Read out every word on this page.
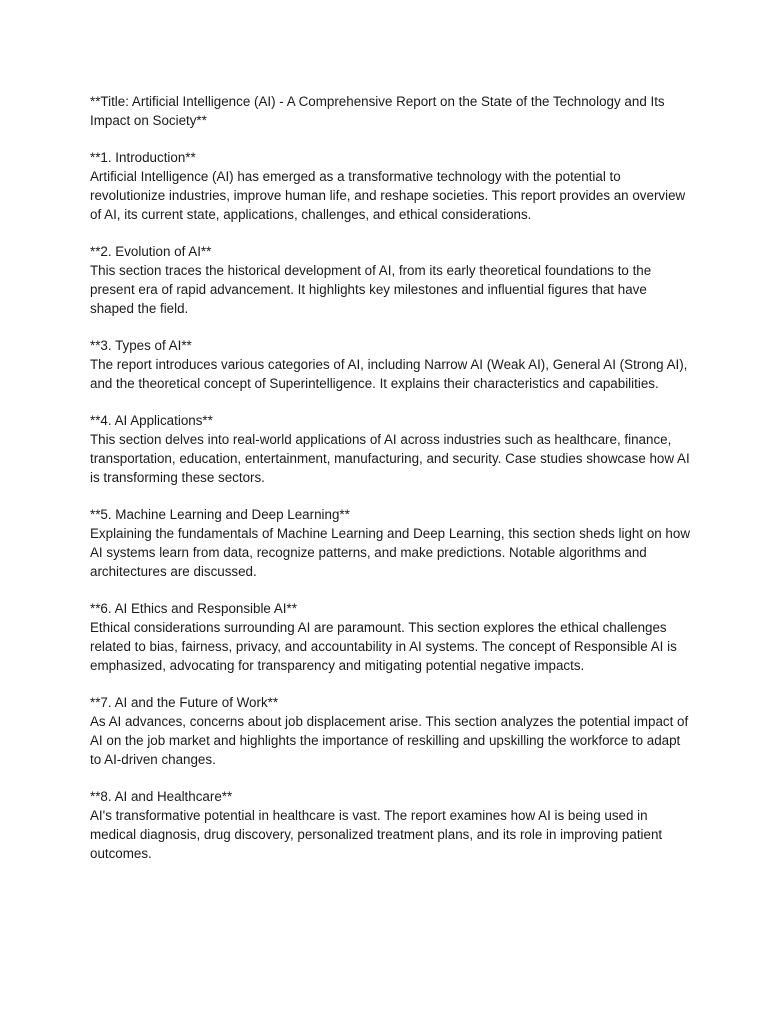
**Title: Artificial Intelligence (AI) - A Comprehensive Report on the State of the Technology and Its Impact on Society**

**1. Introduction**

Artificial Intelligence (AI) has emerged as a transformative technology with the potential to revolutionize industries, improve human life, and reshape societies. This report provides an overview of AI, its current state, applications, challenges, and ethical considerations.

**2. Evolution of AI**

This section traces the historical development of AI, from its early theoretical foundations to the present era of rapid advancement. It highlights key milestones and influential figures that have shaped the field.

**3. Types of AI**

The report introduces various categories of AI, including Narrow AI (Weak AI), General AI (Strong AI), and the theoretical concept of Superintelligence. It explains their characteristics and capabilities.

**4. AI Applications**

This section delves into real-world applications of AI across industries such as healthcare, finance, transportation, education, entertainment, manufacturing, and security. Case studies showcase how AI is transforming these sectors.

**5. Machine Learning and Deep Learning**

Explaining the fundamentals of Machine Learning and Deep Learning, this section sheds light on how AI systems learn from data, recognize patterns, and make predictions. Notable algorithms and architectures are discussed.

**6. AI Ethics and Responsible AI**

Ethical considerations surrounding AI are paramount. This section explores the ethical challenges related to bias, fairness, privacy, and accountability in AI systems. The concept of Responsible AI is emphasized, advocating for transparency and mitigating potential negative impacts.

**7. AI and the Future of Work**

As AI advances, concerns about job displacement arise. This section analyzes the potential impact of AI on the job market and highlights the importance of reskilling and upskilling the workforce to adapt to AI-driven changes.

**8. AI and Healthcare**

AI's transformative potential in healthcare is vast. The report examines how AI is being used in medical diagnosis, drug discovery, personalized treatment plans, and its role in improving patient outcomes.
